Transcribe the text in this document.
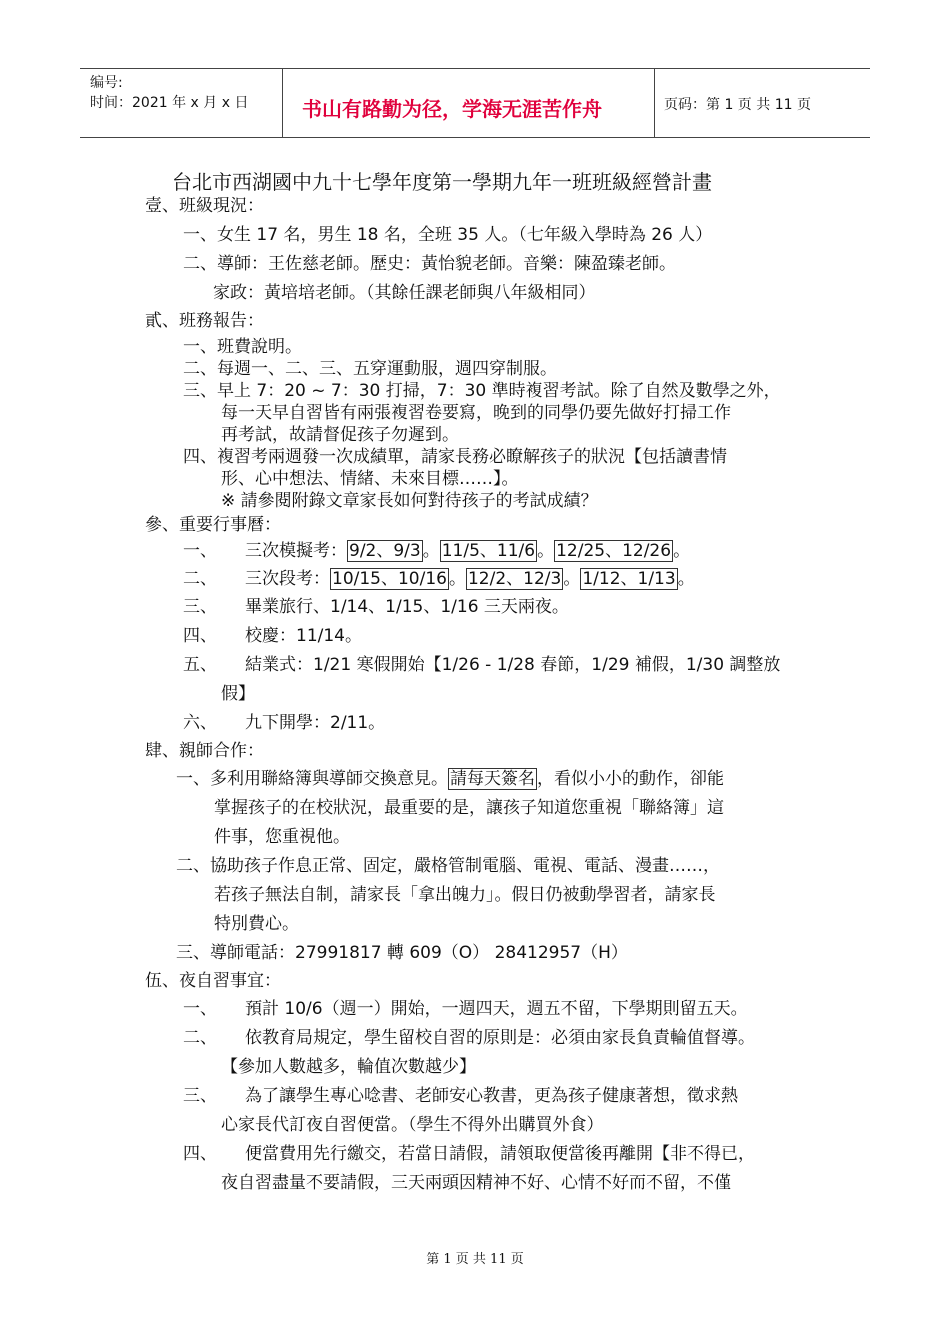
编号:
时间：2021 年 x 月 x 日	书山有路勤为径，学海无涯苦作舟	页码：第 1 页 共 11 页
台北市西湖國中九十七學年度第一學期九年一班班級經營計畫
壹、班級現況：
一、女生 17 名，男生 18 名，全班 35 人。（七年級入學時為 26 人）
二、導師：王佐慈老師。歷史：黃怡貌老師。音樂：陳盈臻老師。
家政：黃培培老師。（其餘任課老師與八年級相同）
貳、班務報告：
一、班費說明。
二、每週一、二、三、五穿運動服，週四穿制服。
三、早上 7：20 ~ 7：30 打掃，7：30 準時複習考試。除了自然及數學之外，
每一天早自習皆有兩張複習卷要寫，晚到的同學仍要先做好打掃工作
再考試，故請督促孩子勿遲到。
四、複習考兩週發一次成績單，請家長務必瞭解孩子的狀況【包括讀書情
形、心中想法、情緒、未來目標……】。
※ 請參閱附錄文章家長如何對待孩子的考試成績？
參、重要行事曆：
一、 三次模擬考： 9/2、9/3 。 11/5、11/6 。 12/25、12/26 。
二、 三次段考： 10/15、10/16 。 12/2、12/3 。 1/12、1/13 。
三、 畢業旅行、1/14、1/15、1/16 三天兩夜。
四、 校慶：11/14。
五、 結業式：1/21 寒假開始【1/26 - 1/28 春節，1/29 補假，1/30 調整放
假】
六、 九下開學：2/11。
肆、親師合作：
一、多利用聯絡簿與導師交換意見。 請每天簽名 ，看似小小的動作，卻能
掌握孩子的在校狀況，最重要的是，讓孩子知道您重視「聯絡簿」這
件事，您重視他。
二、協助孩子作息正常、固定，嚴格管制電腦、電視、電話、漫畫……，
若孩子無法自制，請家長「拿出魄力」。假日仍被動學習者，請家長
特別費心。
三、導師電話：27991817 轉 609（O） 28412957（H）
伍、夜自習事宜：
一、 預計 10/6（週一）開始，一週四天，週五不留，下學期則留五天。
二、 依教育局規定，學生留校自習的原則是：必須由家長負責輪值督導。
【參加人數越多，輪值次數越少】
三、 為了讓學生專心唸書、老師安心教書，更為孩子健康著想，徵求熱
心家長代訂夜自習便當。（學生不得外出購買外食）
四、 便當費用先行繳交，若當日請假，請領取便當後再離開【非不得已，
夜自習盡量不要請假，三天兩頭因精神不好、心情不好而不留，不僅
第 1 页 共 11 页
